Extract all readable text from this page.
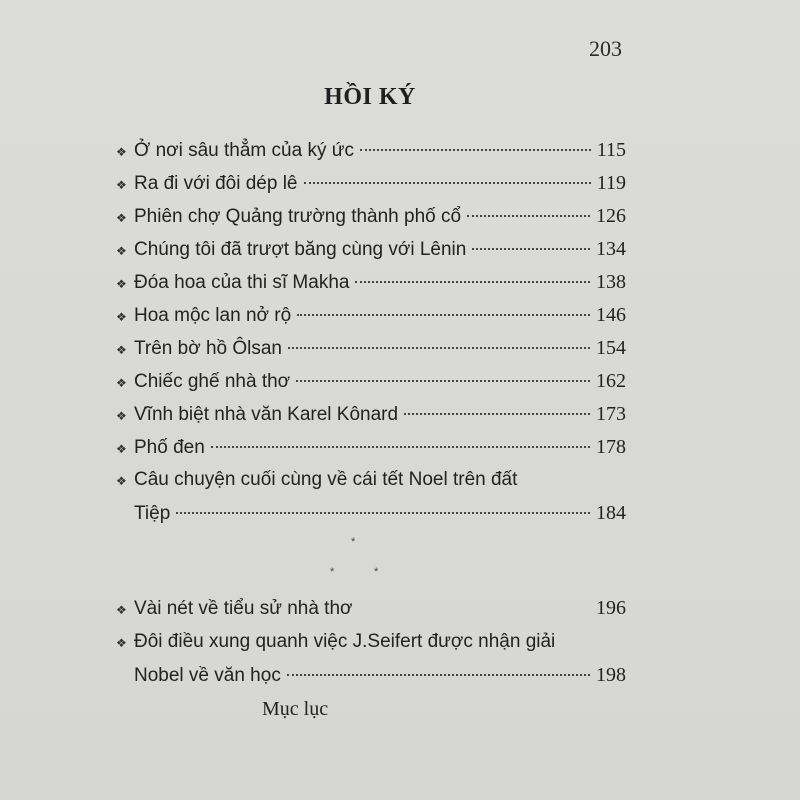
203
HỒI KÝ
❖ Ở nơi sâu thẳm của ký ức	115
❖ Ra đi với đôi dép lê	119
❖ Phiên chợ Quảng trường thành phố cổ	126
❖ Chúng tôi đã trượt băng cùng với Lênin	134
❖ Đóa hoa của thi sĩ Makha	138
❖ Hoa mộc lan nở rộ	146
❖ Trên bờ hồ Ôlsan	154
❖ Chiếc ghế nhà thơ	162
❖ Vĩnh biệt nhà văn Karel Kônard	173
❖ Phố đen	178
❖ Câu chuyện cuối cùng về cái tết Noel trên đất
Tiệp	184
*
*	*
❖ Vài nét về tiểu sử nhà thơ	196
❖ Đôi điều xung quanh việc J.Seifert được nhận giải
Nobel về văn học	198
Mục lục
